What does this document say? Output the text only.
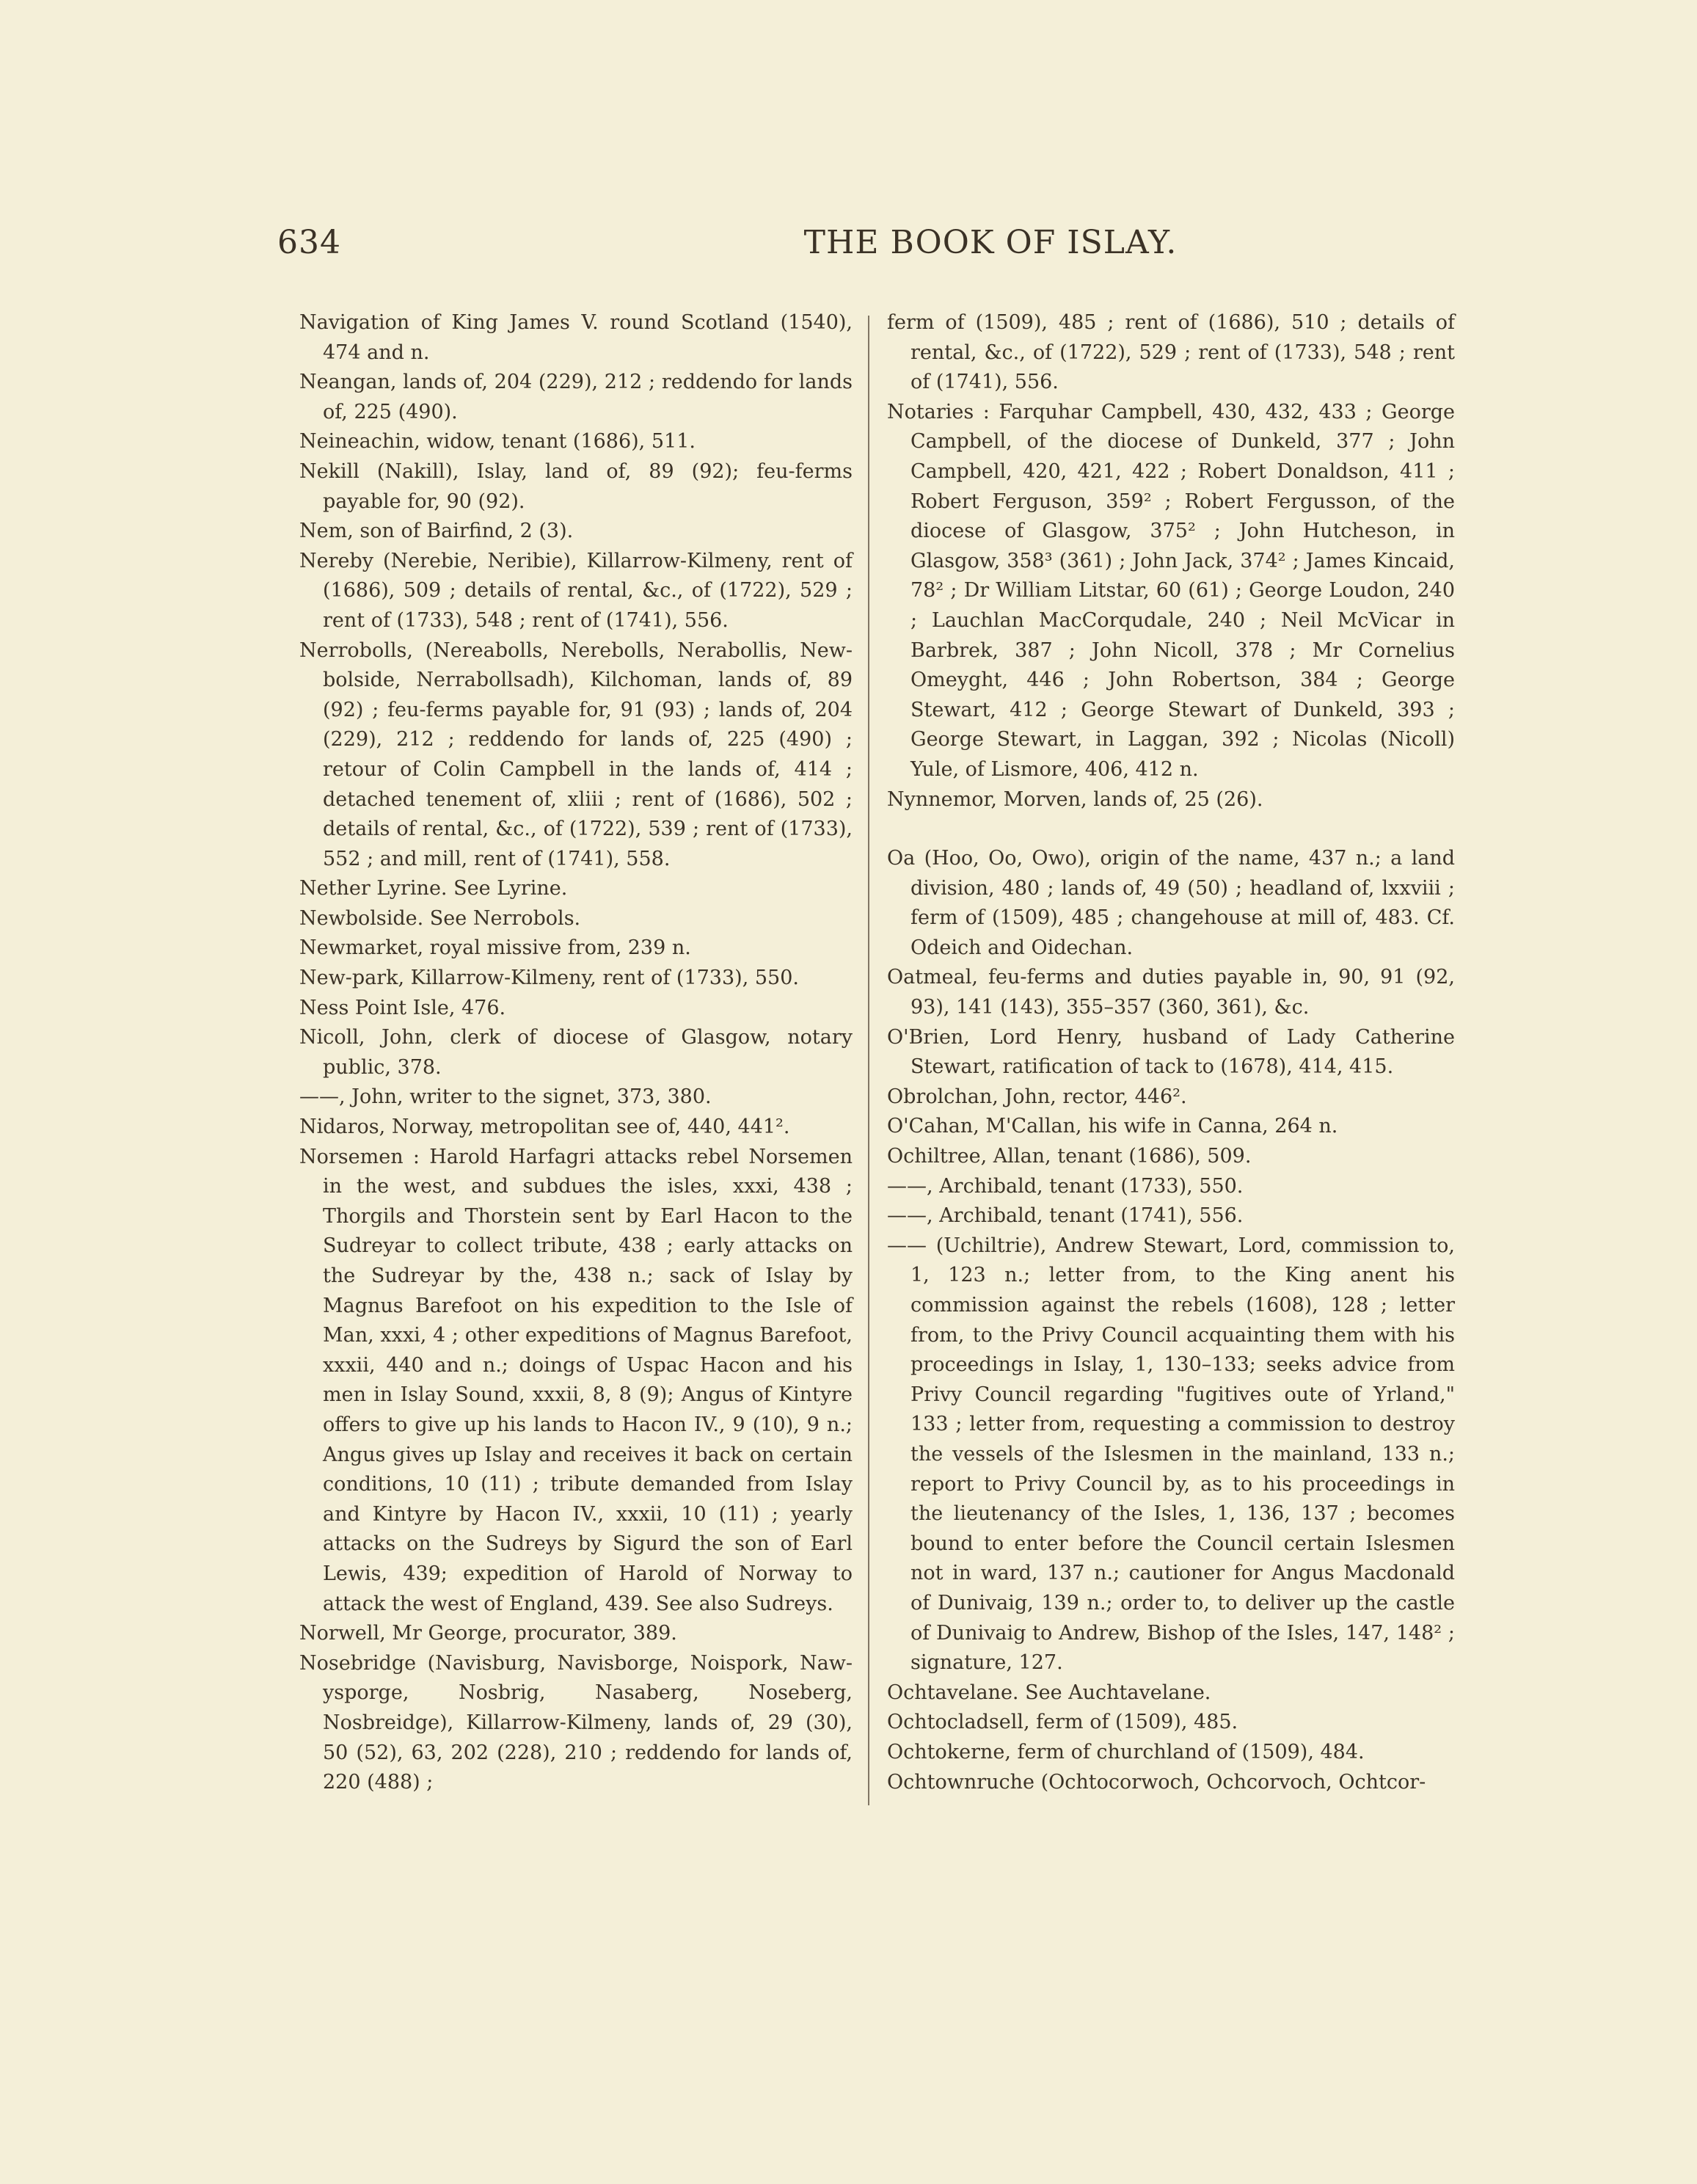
634	THE BOOK OF ISLAY.

Navigation of King James V. round Scotland (1540), 474 and n.

Neangan, lands of, 204 (229), 212 ; reddendo for lands of, 225 (490).

Neineachin, widow, tenant (1686), 511.

Nekill (Nakill), Islay, land of, 89 (92); feu-ferms payable for, 90 (92).

Nem, son of Bairfind, 2 (3).

Nereby (Nerebie, Neribie), Killarrow-Kilmeny, rent of (1686), 509 ; details of rental, &c., of (1722), 529 ; rent of (1733), 548 ; rent of (1741), 556.

Nerrobolls, (Nereabolls, Nerebolls, Nerabollis, New-bolside, Nerrabollsadh), Kilchoman, lands of, 89 (92) ; feu-ferms payable for, 91 (93) ; lands of, 204 (229), 212 ; reddendo for lands of, 225 (490) ; retour of Colin Campbell in the lands of, 414 ; detached tenement of, xliii ; rent of (1686), 502 ; details of rental, &c., of (1722), 539 ; rent of (1733), 552 ; and mill, rent of (1741), 558.

Nether Lyrine. See Lyrine.

Newbolside. See Nerrobols.

Newmarket, royal missive from, 239 n.

New-park, Killarrow-Kilmeny, rent of (1733), 550.

Ness Point Isle, 476.

Nicoll, John, clerk of diocese of Glasgow, notary public, 378.

——, John, writer to the signet, 373, 380.

Nidaros, Norway, metropolitan see of, 440, 441².

Norsemen : Harold Harfagri attacks rebel Norsemen in the west, and subdues the isles, xxxi, 438 ; Thorgils and Thorstein sent by Earl Hacon to the Sudreyar to collect tribute, 438 ; early attacks on the Sudreyar by the, 438 n.; sack of Islay by Magnus Barefoot on his expedition to the Isle of Man, xxxi, 4 ; other expeditions of Magnus Barefoot, xxxii, 440 and n.; doings of Uspac Hacon and his men in Islay Sound, xxxii, 8, 8 (9); Angus of Kintyre offers to give up his lands to Hacon IV., 9 (10), 9 n.; Angus gives up Islay and receives it back on certain conditions, 10 (11) ; tribute demanded from Islay and Kintyre by Hacon IV., xxxii, 10 (11) ; yearly attacks on the Sudreys by Sigurd the son of Earl Lewis, 439; expedition of Harold of Norway to attack the west of England, 439. See also Sudreys.

Norwell, Mr George, procurator, 389.

Nosebridge (Navisburg, Navisborge, Noispork, Naw-ysporge, Nosbrig, Nasaberg, Noseberg, Nosbreidge), Killarrow-Kilmeny, lands of, 29 (30), 50 (52), 63, 202 (228), 210 ; reddendo for lands of, 220 (488) ;

ferm of (1509), 485 ; rent of (1686), 510 ; details of rental, &c., of (1722), 529 ; rent of (1733), 548 ; rent of (1741), 556.

Notaries : Farquhar Campbell, 430, 432, 433 ; George Campbell, of the diocese of Dunkeld, 377 ; John Campbell, 420, 421, 422 ; Robert Donaldson, 411 ; Robert Ferguson, 359² ; Robert Fergusson, of the diocese of Glasgow, 375² ; John Hutcheson, in Glasgow, 358³ (361) ; John Jack, 374² ; James Kincaid, 78² ; Dr William Litstar, 60 (61) ; George Loudon, 240 ; Lauchlan MacCorqudale, 240 ; Neil McVicar in Barbrek, 387 ; John Nicoll, 378 ; Mr Cornelius Omeyght, 446 ; John Robertson, 384 ; George Stewart, 412 ; George Stewart of Dunkeld, 393 ; George Stewart, in Laggan, 392 ; Nicolas (Nicoll) Yule, of Lismore, 406, 412 n.

Nynnemor, Morven, lands of, 25 (26).

Oa (Hoo, Oo, Owo), origin of the name, 437 n.; a land division, 480 ; lands of, 49 (50) ; headland of, lxxviii ; ferm of (1509), 485 ; changehouse at mill of, 483. Cf. Odeich and Oidechan.

Oatmeal, feu-ferms and duties payable in, 90, 91 (92, 93), 141 (143), 355–357 (360, 361), &c.

O'Brien, Lord Henry, husband of Lady Catherine Stewart, ratification of tack to (1678), 414, 415.

Obrolchan, John, rector, 446².

O'Cahan, M'Callan, his wife in Canna, 264 n.

Ochiltree, Allan, tenant (1686), 509.

——, Archibald, tenant (1733), 550.

——, Archibald, tenant (1741), 556.

—— (Uchiltrie), Andrew Stewart, Lord, commission to, 1, 123 n.; letter from, to the King anent his commission against the rebels (1608), 128 ; letter from, to the Privy Council acquainting them with his proceedings in Islay, 1, 130–133; seeks advice from Privy Council regarding "fugitives oute of Yrland," 133 ; letter from, requesting a commission to destroy the vessels of the Islesmen in the mainland, 133 n.; report to Privy Council by, as to his proceedings in the lieutenancy of the Isles, 1, 136, 137 ; becomes bound to enter before the Council certain Islesmen not in ward, 137 n.; cautioner for Angus Macdonald of Dunivaig, 139 n.; order to, to deliver up the castle of Dunivaig to Andrew, Bishop of the Isles, 147, 148² ; signature, 127.

Ochtavelane. See Auchtavelane.

Ochtocladsell, ferm of (1509), 485.

Ochtokerne, ferm of churchland of (1509), 484.

Ochtownruche (Ochtocorwoch, Ochcorvoch, Ochtcor-
